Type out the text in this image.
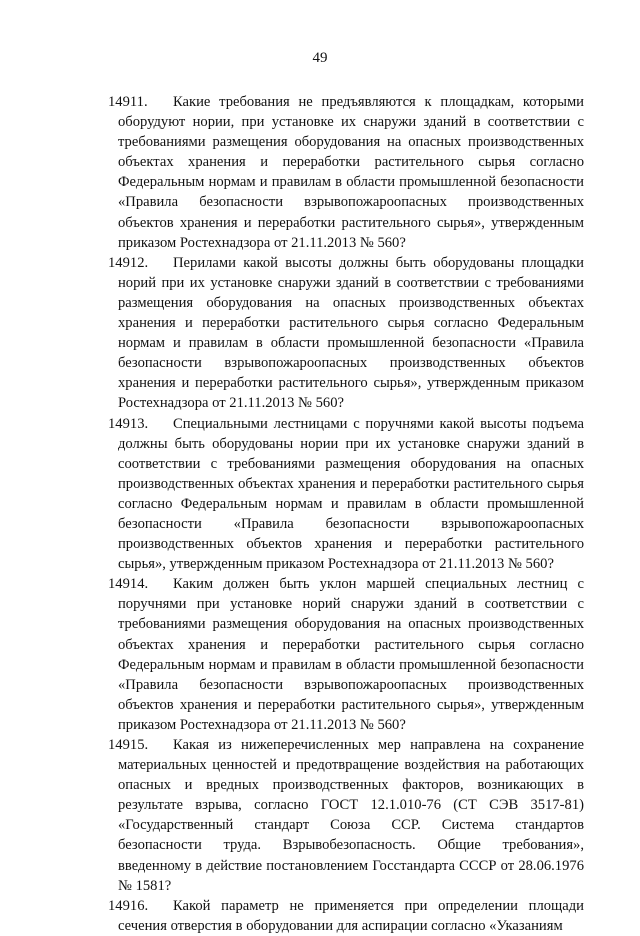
49
14911.	Какие требования не предъявляются к площадкам, которыми оборудуют нории, при установке их снаружи зданий в соответствии с требованиями размещения оборудования на опасных производственных объектах хранения и переработки растительного сырья согласно Федеральным нормам и правилам в области промышленной безопасности «Правила безопасности взрывопожароопасных производственных объектов хранения и переработки растительного сырья», утвержденным приказом Ростехнадзора от 21.11.2013 № 560?

14912.	Перилами какой высоты должны быть оборудованы площадки норий при их установке снаружи зданий в соответствии с требованиями размещения оборудования на опасных производственных объектах хранения и переработки растительного сырья согласно Федеральным нормам и правилам в области промышленной безопасности «Правила безопасности взрывопожароопасных производственных объектов хранения и переработки растительного сырья», утвержденным приказом Ростехнадзора от 21.11.2013 № 560?

14913.	Специальными лестницами с поручнями какой высоты подъема должны быть оборудованы нории при их установке снаружи зданий в соответствии с требованиями размещения оборудования на опасных производственных объектах хранения и переработки растительного сырья согласно Федеральным нормам и правилам в области промышленной безопасности «Правила безопасности взрывопожароопасных производственных объектов хранения и переработки растительного сырья», утвержденным приказом Ростехнадзора от 21.11.2013 № 560?

14914.	Каким должен быть уклон маршей специальных лестниц с поручнями при установке норий снаружи зданий в соответствии с требованиями размещения оборудования на опасных производственных объектах хранения и переработки растительного сырья согласно Федеральным нормам и правилам в области промышленной безопасности «Правила безопасности взрывопожароопасных производственных объектов хранения и переработки растительного сырья», утвержденным приказом Ростехнадзора от 21.11.2013 № 560?

14915.	Какая из нижеперечисленных мер направлена на сохранение материальных ценностей и предотвращение воздействия на работающих опасных и вредных производственных факторов, возникающих в результате взрыва, согласно ГОСТ 12.1.010-76 (СТ СЭВ 3517-81) «Государственный стандарт Союза ССР. Система стандартов безопасности труда. Взрывобезопасность. Общие требования», введенному в действие постановлением Госстандарта СССР от 28.06.1976 № 1581?

14916.	Какой параметр не применяется при определении площади сечения отверстия в оборудовании для аспирации согласно «Указаниям
